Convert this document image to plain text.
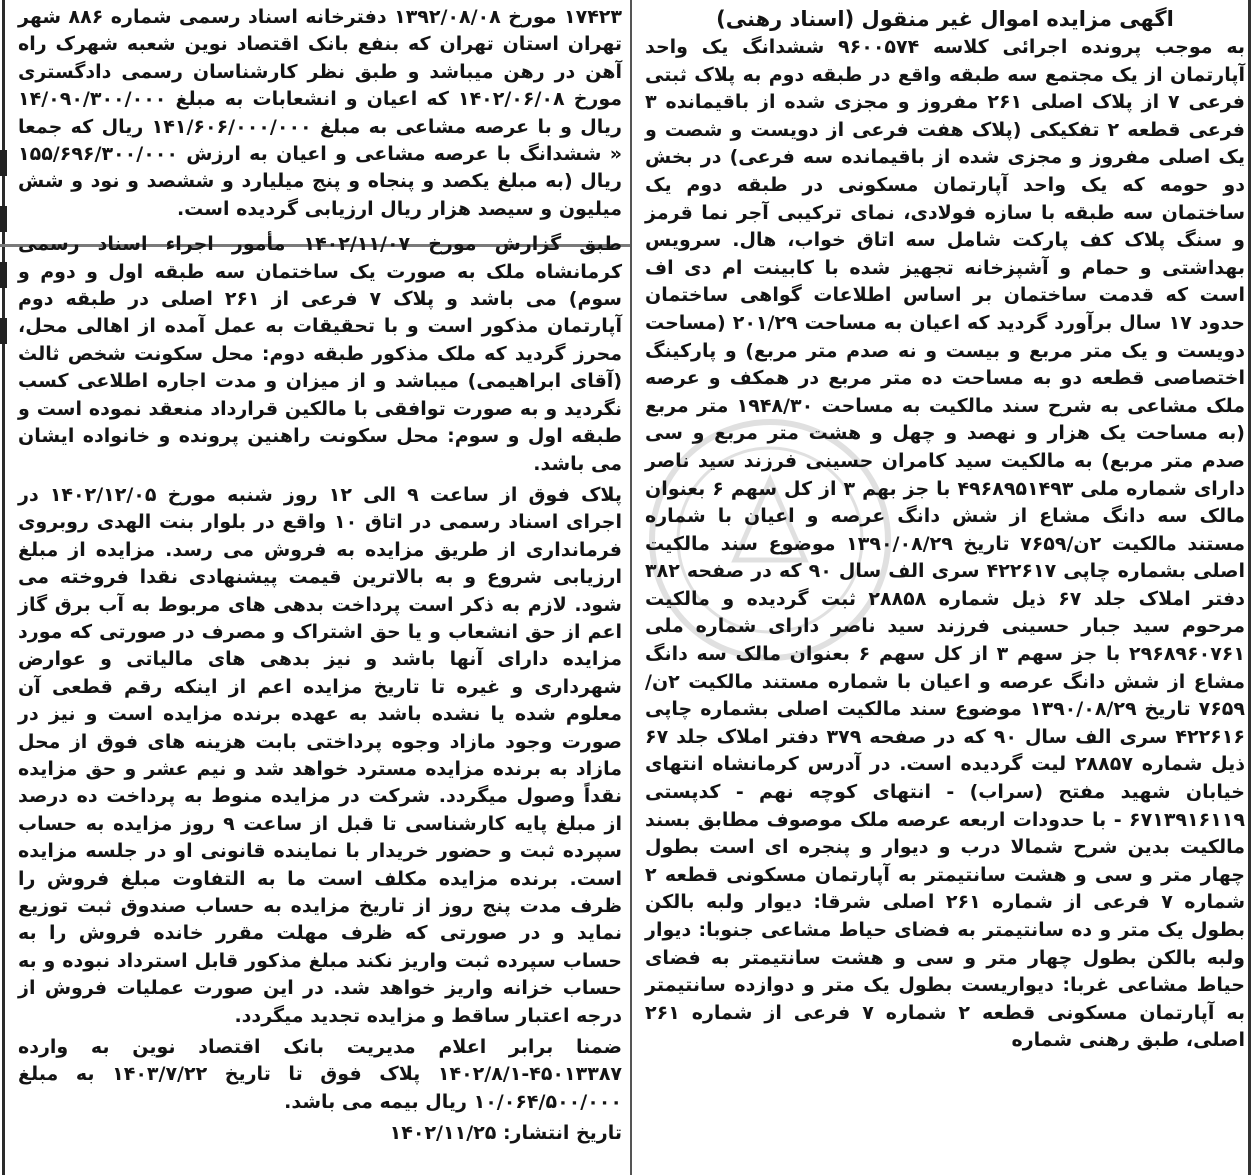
اگهی مزایده اموال غیر منقول (اسناد رهنی)

به موجب پرونده اجرائی کلاسه ۹۶۰۰۵۷۴ ششدانگ یک واحد آپارتمان از یک مجتمع سه طبقه واقع در طبقه دوم به پلاک ثبتی فرعی ۷ از پلاک اصلی ۲۶۱ مفروز و مجزی شده از باقیمانده ۳ فرعی قطعه ۲ تفکیکی (پلاک هفت فرعی از دویست و شصت و یک اصلی مفروز و مجزی شده از باقیمانده سه فرعی) در بخش دو حومه که یک واحد آپارتمان مسکونی در طبقه دوم یک ساختمان سه طبقه با سازه فولادی، نمای ترکیبی آجر نما قرمز و سنگ پلاک کف پارکت شامل سه اتاق خواب، هال. سرویس بهداشتی و حمام و آشپزخانه تجهیز شده با کابینت ام دی اف است که قدمت ساختمان بر اساس اطلاعات گواهی ساختمان حدود ۱۷ سال برآورد گردید که اعیان به مساحت ۲۰۱/۲۹ (مساحت دویست و یک متر مربع و بیست و نه صدم متر مربع) و پارکینگ اختصاصی قطعه دو به مساحت ده متر مربع در همکف و عرصه ملک مشاعی به شرح سند مالکیت به مساحت ۱۹۴۸/۳۰ متر مربع (به مساحت یک هزار و نهصد و چهل و هشت متر مربع و سی صدم متر مربع) به مالکیت سید کامران حسینی فرزند سید ناصر دارای شماره ملی ۴۹۶۸۹۵۱۴۹۳ با جز بهم ۳ از کل سهم ۶ بعنوان مالک سه دانگ مشاع از شش دانگ عرصه و اعیان با شماره مستند مالکیت ۲ن/۷۶۵۹ تاریخ ۱۳۹۰/۰۸/۲۹ موضوع سند مالکیت اصلی بشماره چاپی ۴۲۲۶۱۷ سری الف سال ۹۰ که در صفحه ۳۸۲ دفتر املاک جلد ۶۷ ذیل شماره ۲۸۸۵۸ ثبت گردیده و مالکیت مرحوم سید جبار حسینی فرزند سید ناصر دارای شماره ملی ۲۹۶۸۹۶۰۷۶۱ با جز سهم ۳ از کل سهم ۶ بعنوان مالک سه دانگ مشاع از شش دانگ عرصه و اعیان با شماره مستند مالکیت ۲ن/۷۶۵۹ تاریخ ۱۳۹۰/۰۸/۲۹ موضوع سند مالکیت اصلی بشماره چاپی ۴۲۲۶۱۶ سری الف سال ۹۰ که در صفحه ۳۷۹ دفتر املاک جلد ۶۷ ذیل شماره ۲۸۸۵۷ لیت گردیده است. در آدرس کرمانشاه انتهای خیابان شهید مفتح (سراب) - انتهای کوچه نهم - کدپستی ۶۷۱۳۹۱۶۱۱۹ - با حدودات اربعه عرصه ملک موصوف مطابق بسند مالکیت بدین شرح شمالا درب و دیوار و پنجره ای است بطول چهار متر و سی و هشت سانتیمتر به آپارتمان مسکونی قطعه ۲ شماره ۷ فرعی از شماره ۲۶۱ اصلی شرقا: دیوار ولبه بالکن بطول یک متر و ده سانتیمتر به فضای حیاط مشاعی جنوبا: دیوار ولبه بالکن بطول چهار متر و سی و هشت سانتیمتر به فضای حیاط مشاعی غربا: دیواریست بطول یک متر و دوازده سانتیمتر به آپارتمان مسکونی قطعه ۲ شماره ۷ فرعی از شماره ۲۶۱ اصلی، طبق رهنی شماره

۱۷۴۲۳ مورخ ۱۳۹۲/۰۸/۰۸ دفترخانه اسناد رسمی شماره ۸۸۶ شهر تهران استان تهران که بنفع بانک اقتصاد نوین شعبه شهرک راه آهن در رهن میباشد و طبق نظر کارشناسان رسمی دادگستری مورخ ۱۴۰۲/۰۶/۰۸ که اعیان و انشعابات به مبلغ ۱۴/۰۹۰/۳۰۰/۰۰۰ ریال و با عرصه مشاعی به مبلغ ۱۴۱/۶۰۶/۰۰۰/۰۰۰ ریال که جمعا « ششدانگ با عرصه مشاعی و اعیان به ارزش ۱۵۵/۶۹۶/۳۰۰/۰۰۰ ریال (به مبلغ یکصد و پنجاه و پنج میلیارد و ششصد و نود و شش میلیون و سیصد هزار ریال ارزیابی گردیده است.

طبق گزارش مورخ ۱۴۰۲/۱۱/۰۷ مأمور اجراء اسناد رسمی کرمانشاه ملک به صورت یک ساختمان سه طبقه اول و دوم و سوم) می باشد و پلاک ۷ فرعی از ۲۶۱ اصلی در طبقه دوم آپارتمان مذکور است و با تحقیقات به عمل آمده از اهالی محل، محرز گردید که ملک مذکور طبقه دوم: محل سکونت شخص ثالث (آقای ابراهیمی) میباشد و از میزان و مدت اجاره اطلاعی کسب نگردید و به صورت توافقی با مالکین قرارداد منعقد نموده است و طبقه اول و سوم: محل سکونت راهنین پرونده و خانواده ایشان می باشد.

پلاک فوق از ساعت ۹ الی ۱۲ روز شنبه مورخ ۱۴۰۲/۱۲/۰۵ در اجرای اسناد رسمی در اتاق ۱۰ واقع در بلوار بنت الهدی روبروی فرمانداری از طریق مزایده به فروش می رسد. مزایده از مبلغ ارزیابی شروع و به بالاترین قیمت پیشنهادی نقدا فروخته می شود. لازم به ذکر است پرداخت بدهی های مربوط به آب برق گاز اعم از حق انشعاب و یا حق اشتراک و مصرف در صورتی که مورد مزایده دارای آنها باشد و نیز بدهی های مالیاتی و عوارض شهرداری و غیره تا تاریخ مزایده اعم از اینکه رقم قطعی آن معلوم شده یا نشده باشد به عهده برنده مزایده است و نیز در صورت وجود مازاد وجوه پرداختی بابت هزینه های فوق از محل مازاد به برنده مزایده مسترد خواهد شد و نیم عشر و حق مزایده نقداً وصول میگردد. شرکت در مزایده منوط به پرداخت ده درصد از مبلغ پایه کارشناسی تا قبل از ساعت ۹ روز مزایده به حساب سپرده ثبت و حضور خریدار با نماینده قانونی او در جلسه مزایده است. برنده مزایده مکلف است ما به التفاوت مبلغ فروش را ظرف مدت پنج روز از تاریخ مزایده به حساب صندوق ثبت توزیع نماید و در صورتی که ظرف مهلت مقرر خانده فروش را به حساب سپرده ثبت واریز نکند مبلغ مذکور قابل استرداد نبوده و به حساب خزانه واریز خواهد شد. در این صورت عملیات فروش از درجه اعتبار ساقط و مزایده تجدید میگردد.

ضمنا برابر اعلام مدیریت بانک اقتصاد نوین به وارده ۴۵۰۱۳۳۸۷-۱۴۰۲/۸/۱ پلاک فوق تا تاریخ ۱۴۰۳/۷/۲۲ به مبلغ ۱۰/۰۶۴/۵۰۰/۰۰۰ ریال بیمه می باشد.

تاریخ انتشار: ۱۴۰۲/۱۱/۲۵
